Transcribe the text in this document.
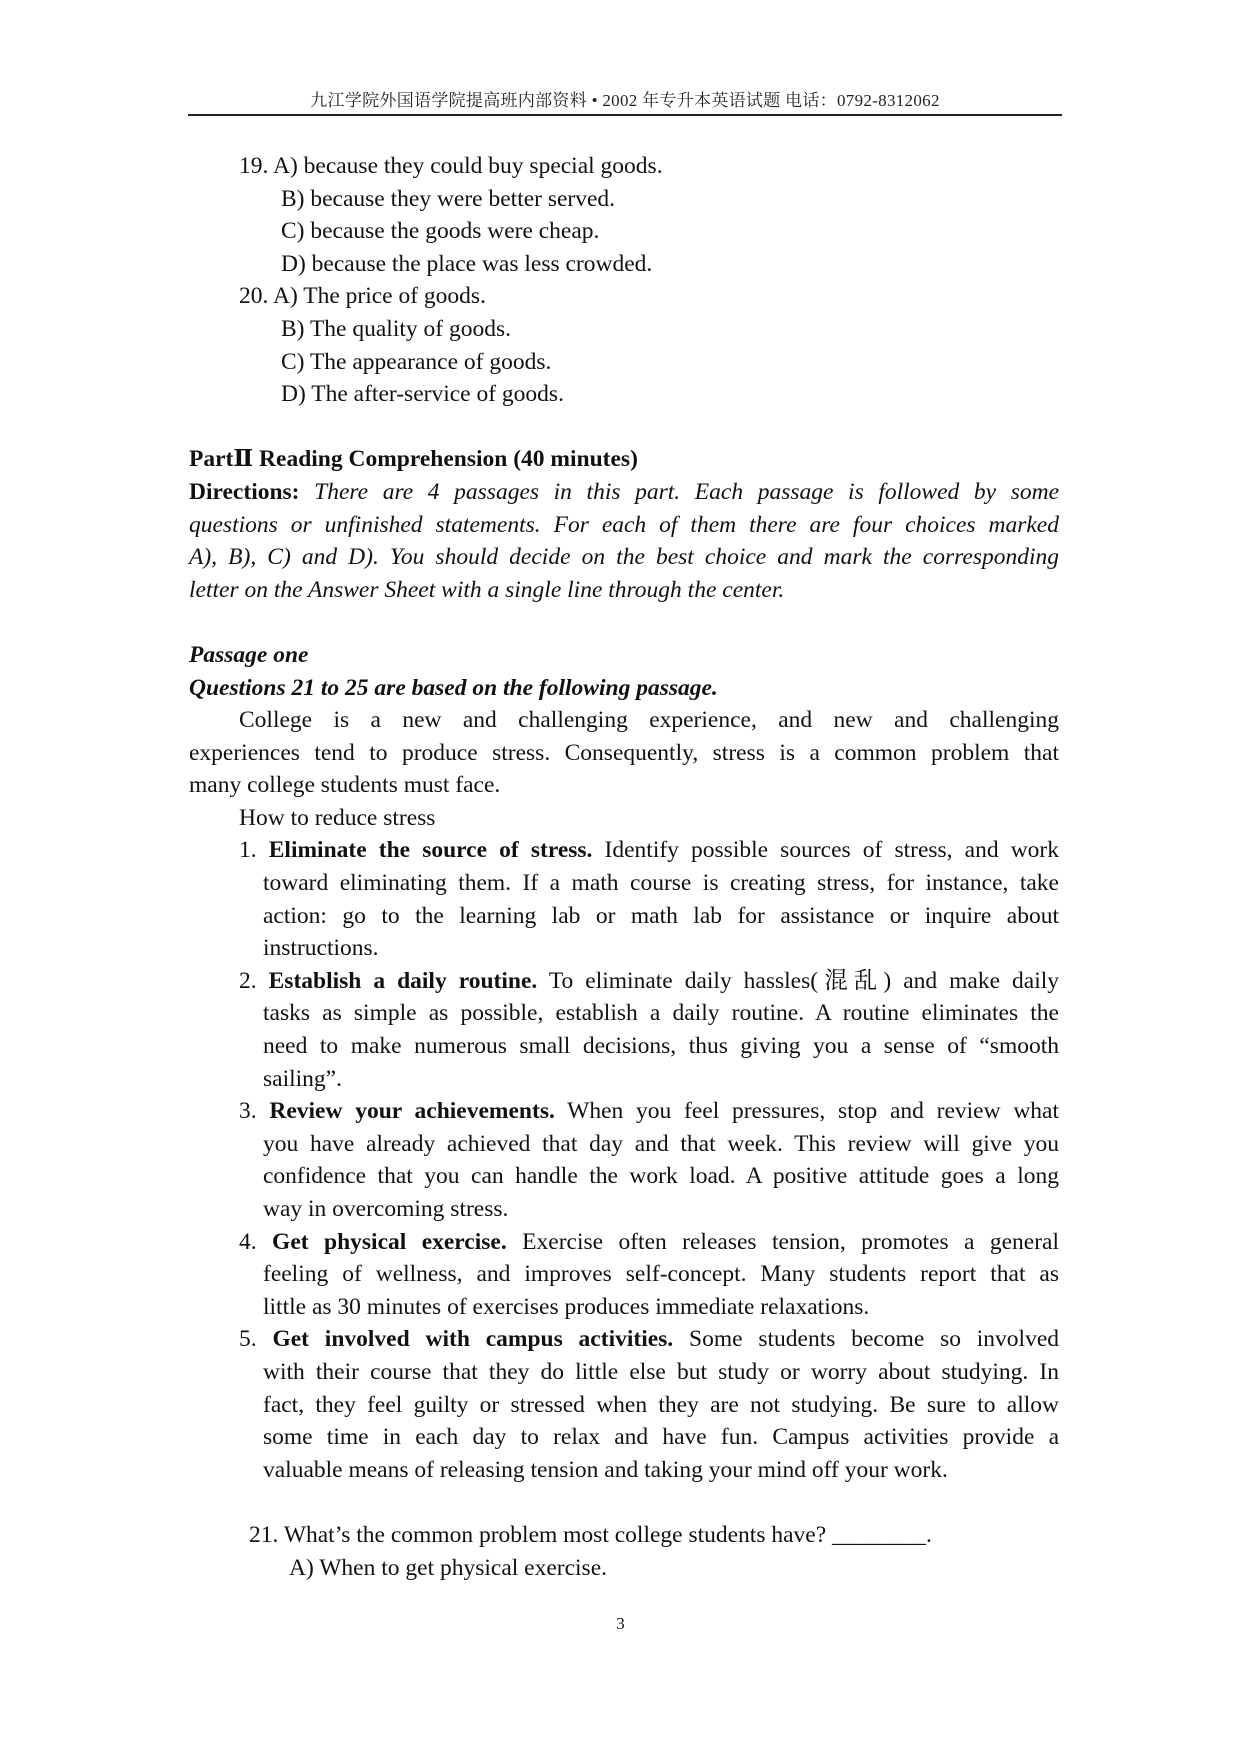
九江学院外国语学院提高班内部资料 • 2002 年专升本英语试题 电话：0792-8312062
19. A) because they could buy special goods.
B) because they were better served.
C) because the goods were cheap.
D) because the place was less crowded.
20. A) The price of goods.
B) The quality of goods.
C) The appearance of goods.
D) The after-service of goods.
PartⅡ Reading Comprehension (40 minutes)
Directions: There are 4 passages in this part. Each passage is followed by some
questions or unfinished statements. For each of them there are four choices marked
A), B), C) and D). You should decide on the best choice and mark the corresponding
letter on the Answer Sheet with a single line through the center.
Passage one
Questions 21 to 25 are based on the following passage.
College is a new and challenging experience, and new and challenging
experiences tend to produce stress. Consequently, stress is a common problem that
many college students must face.
How to reduce stress
1. Eliminate the source of stress. Identify possible sources of stress, and work
toward eliminating them. If a math course is creating stress, for instance, take
action: go to the learning lab or math lab for assistance or inquire about
instructions.
2. Establish a daily routine. To eliminate daily hassles(混乱) and make daily
tasks as simple as possible, establish a daily routine. A routine eliminates the
need to make numerous small decisions, thus giving you a sense of “smooth
sailing”.
3. Review your achievements. When you feel pressures, stop and review what
you have already achieved that day and that week. This review will give you
confidence that you can handle the work load. A positive attitude goes a long
way in overcoming stress.
4. Get physical exercise. Exercise often releases tension, promotes a general
feeling of wellness, and improves self-concept. Many students report that as
little as 30 minutes of exercises produces immediate relaxations.
5. Get involved with campus activities. Some students become so involved
with their course that they do little else but study or worry about studying. In
fact, they feel guilty or stressed when they are not studying. Be sure to allow
some time in each day to relax and have fun. Campus activities provide a
valuable means of releasing tension and taking your mind off your work.
21. What’s the common problem most college students have? ________.
A) When to get physical exercise.
3
